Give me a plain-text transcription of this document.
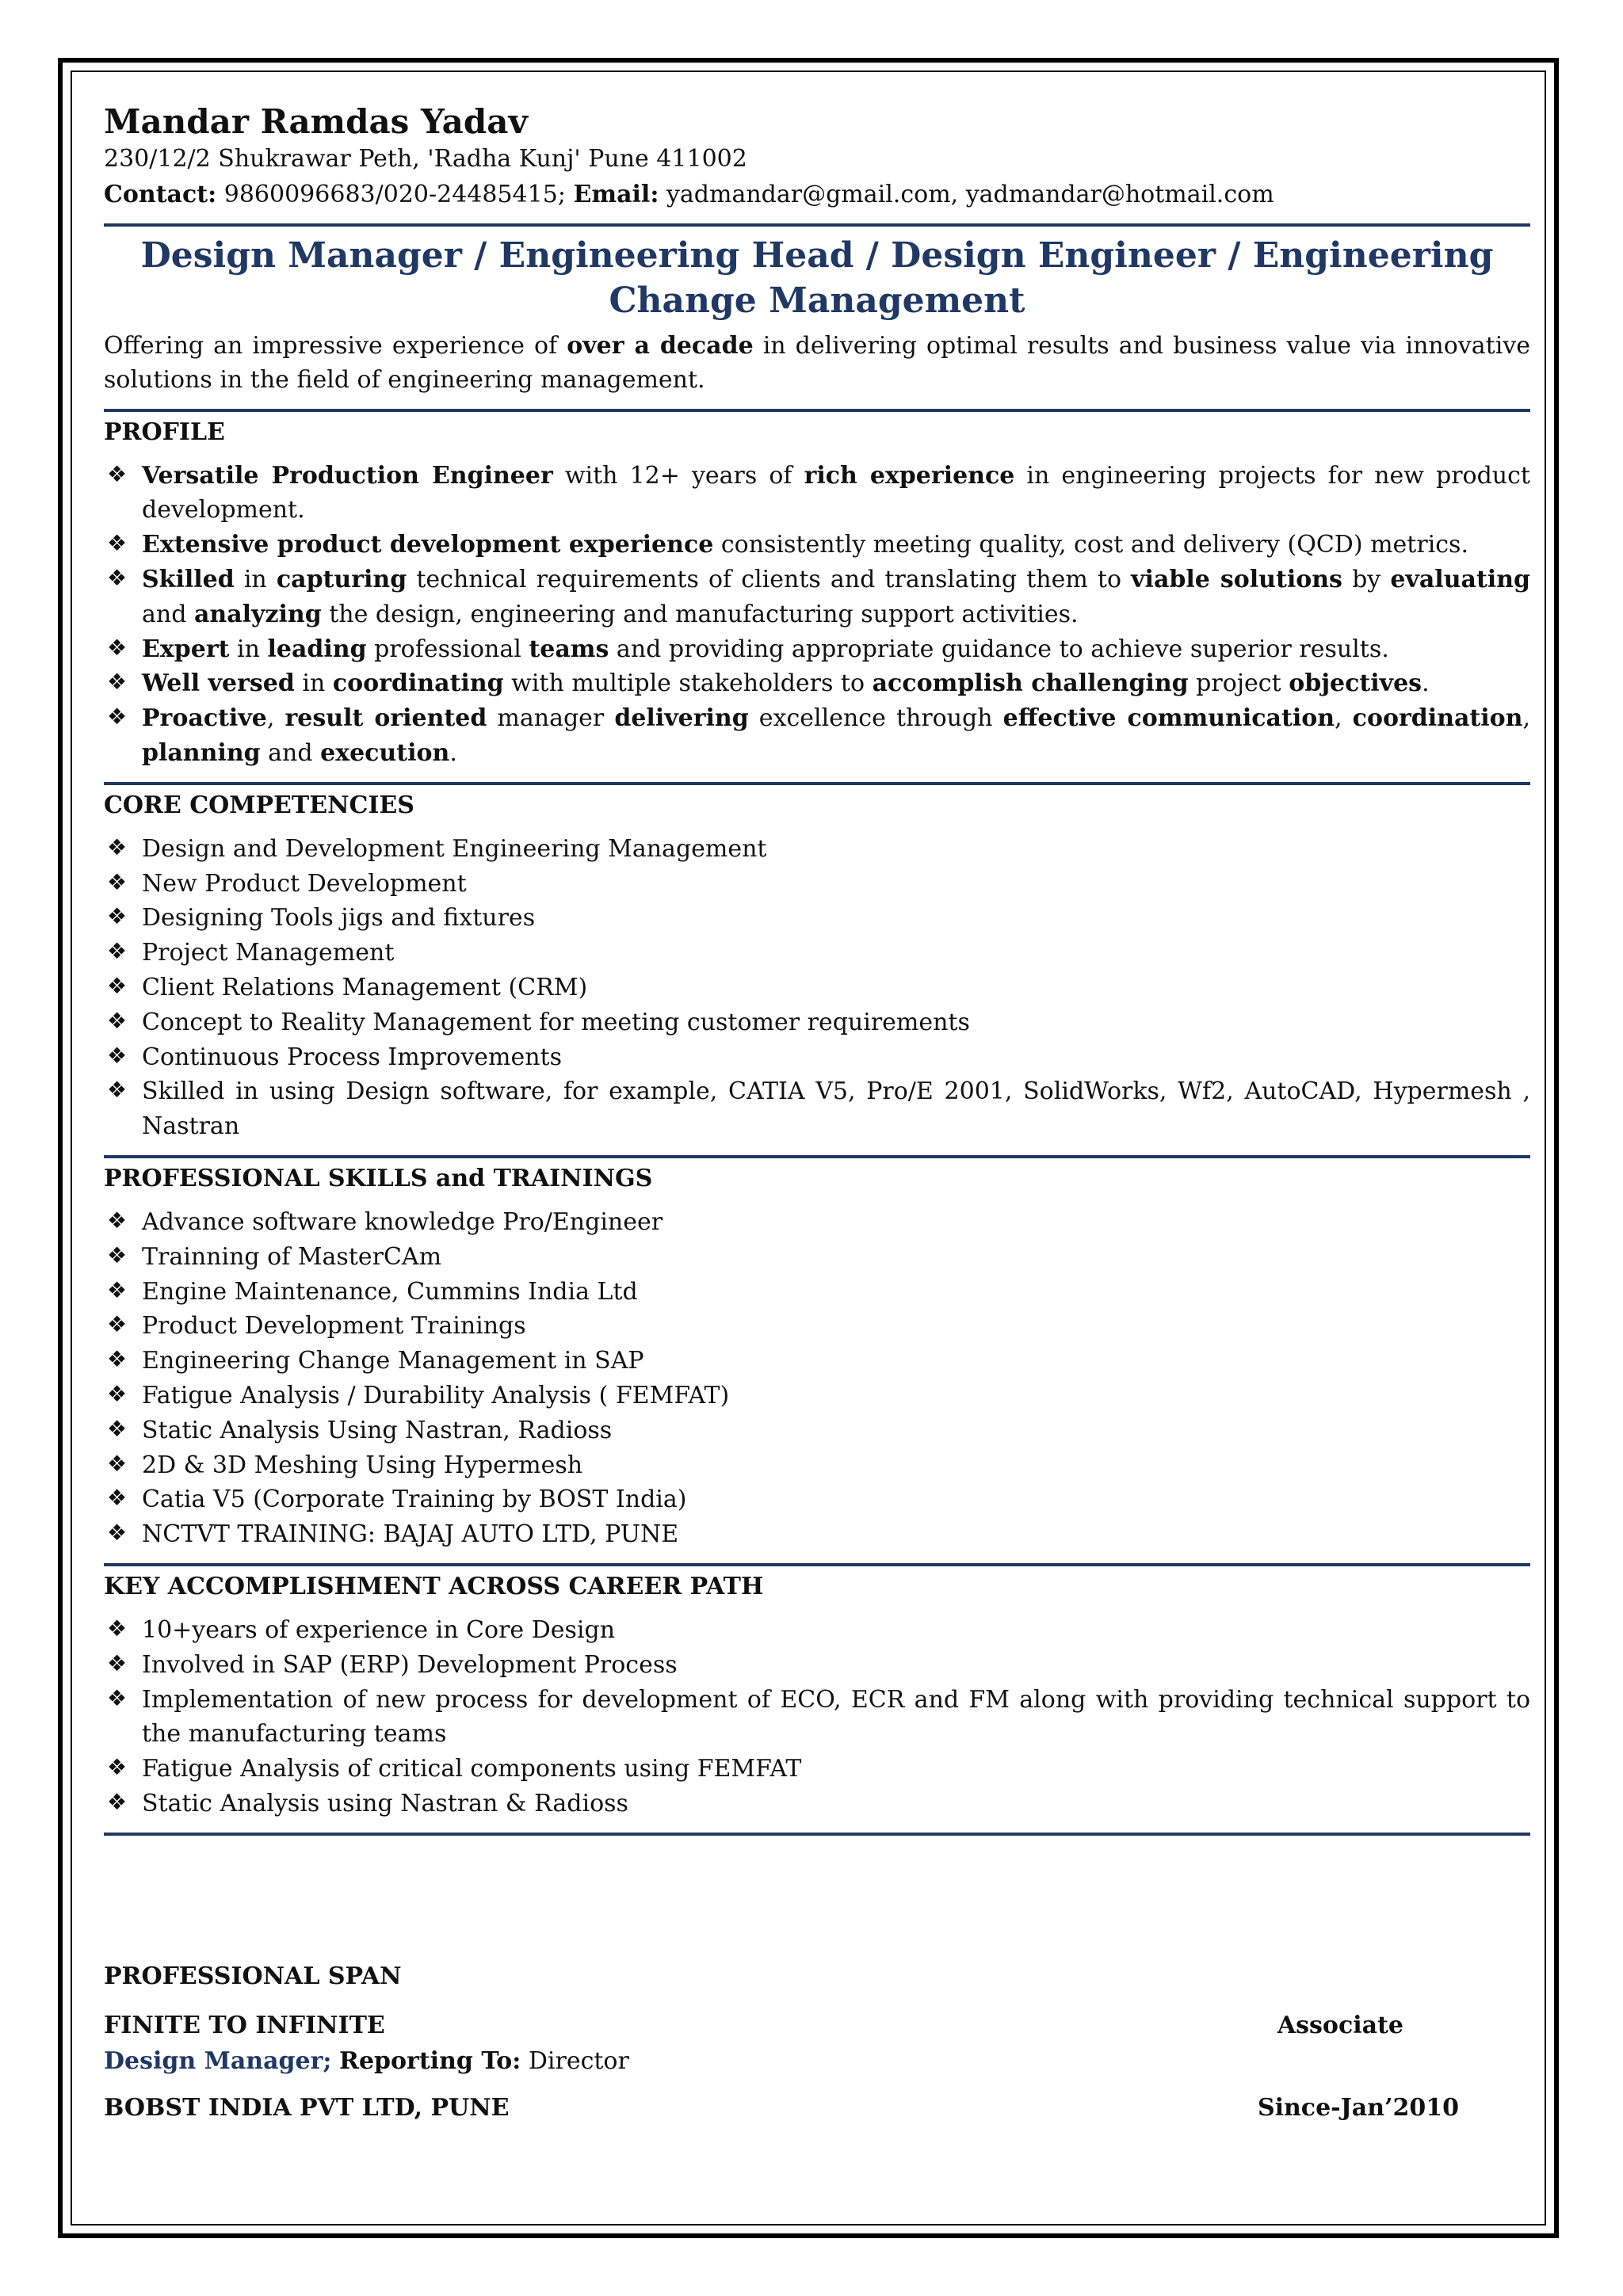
Mandar Ramdas Yadav

230/12/2 Shukrawar Peth, 'Radha Kunj' Pune 411002

Contact: 9860096683/020-24485415; Email: yadmandar@gmail.com, yadmandar@hotmail.com

Design Manager / Engineering Head / Design Engineer / Engineering Change Management

Offering an impressive experience of over a decade in delivering optimal results and business value via innovative solutions in the field of engineering management.

PROFILE

❖ Versatile Production Engineer with 12+ years of rich experience in engineering projects for new product development.
❖ Extensive product development experience consistently meeting quality, cost and delivery (QCD) metrics.
❖ Skilled in capturing technical requirements of clients and translating them to viable solutions by evaluating and analyzing the design, engineering and manufacturing support activities.
❖ Expert in leading professional teams and providing appropriate guidance to achieve superior results.
❖ Well versed in coordinating with multiple stakeholders to accomplish challenging project objectives.
❖ Proactive, result oriented manager delivering excellence through effective communication, coordination, planning and execution.

CORE COMPETENCIES

❖ Design and Development Engineering Management
❖ New Product Development
❖ Designing Tools jigs and fixtures
❖ Project Management
❖ Client Relations Management (CRM)
❖ Concept to Reality Management for meeting customer requirements
❖ Continuous Process Improvements
❖ Skilled in using Design software, for example, CATIA V5, Pro/E 2001, SolidWorks, Wf2, AutoCAD, Hypermesh , Nastran

PROFESSIONAL SKILLS and TRAININGS

❖ Advance software knowledge Pro/Engineer
❖ Trainning of MasterCAm
❖ Engine Maintenance, Cummins India Ltd
❖ Product Development Trainings
❖ Engineering Change Management in SAP
❖ Fatigue Analysis / Durability Analysis ( FEMFAT)
❖ Static Analysis Using Nastran, Radioss
❖ 2D & 3D Meshing Using Hypermesh
❖ Catia V5 (Corporate Training by BOST India)
❖ NCTVT TRAINING: BAJAJ AUTO LTD, PUNE

KEY ACCOMPLISHMENT ACROSS CAREER PATH

❖ 10+years of experience in Core Design
❖ Involved in SAP (ERP) Development Process
❖ Implementation of new process for development of ECO, ECR and FM along with providing technical support to the manufacturing teams
❖ Fatigue Analysis of critical components using FEMFAT
❖ Static Analysis using Nastran & Radioss

PROFESSIONAL SPAN

FINITE TO INFINITE	Associate

Design Manager; Reporting To: Director

BOBST INDIA PVT LTD, PUNE	Since-Jan’2010
